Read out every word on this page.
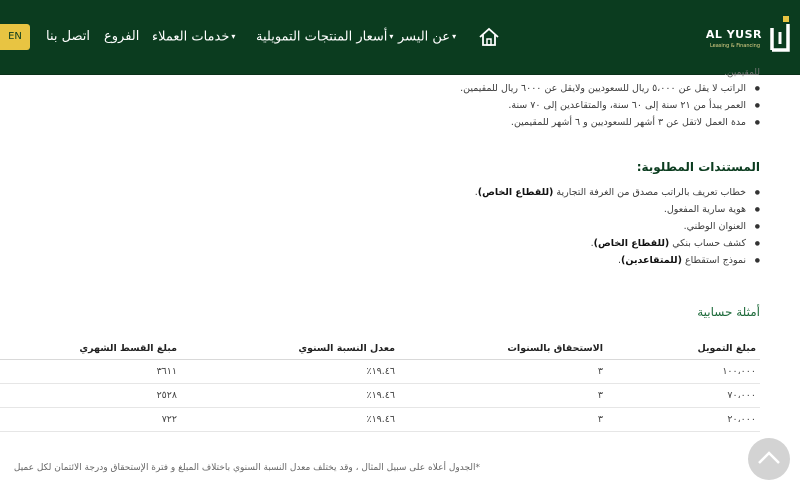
AL YUSR
Leasing & Financing
EN	عن اليسر ▾
أسعار المنتجات التمويلية ▾
خدمات العملاء ▾
الفروع
اتصل بنا
للمقيمين.
● الراتب لا يقل عن ٥،٠٠٠ ريال للسعوديين ولايقل عن ٦٠٠٠ ريال للمقيمين.
● العمر يبدأ من ٢١ سنة إلى ٦٠ سنة، والمتقاعدين إلى ٧٠ سنة.
● مدة العمل لاتقل عن ٣ أشهر للسعوديين و ٦ أشهر للمقيمين.
المستندات المطلوبة:
● خطاب تعريف بالراتب مصدق من الغرفة التجارية (للقطاع الخاص).
● هوية سارية المفعول.
● العنوان الوطني.
● كشف حساب بنكي (للقطاع الخاص).
● نموذج استقطاع (للمتقاعدين).
أمثلة حسابية
مبلغ التمويل	الاستحقاق بالسنوات	معدل النسبة السنوي	مبلغ القسط الشهري
١٠٠،٠٠٠	٣	١٩.٤٦٪	٣٦١١
٧٠،٠٠٠	٣	١٩.٤٦٪	٢٥٢٨
٢٠،٠٠٠	٣	١٩.٤٦٪	٧٢٢
*الجدول أعلاه على سبيل المثال ، وقد يختلف معدل النسبة السنوي باختلاف المبلغ و فترة الإستحقاق ودرجة الائتمان لكل عميل
